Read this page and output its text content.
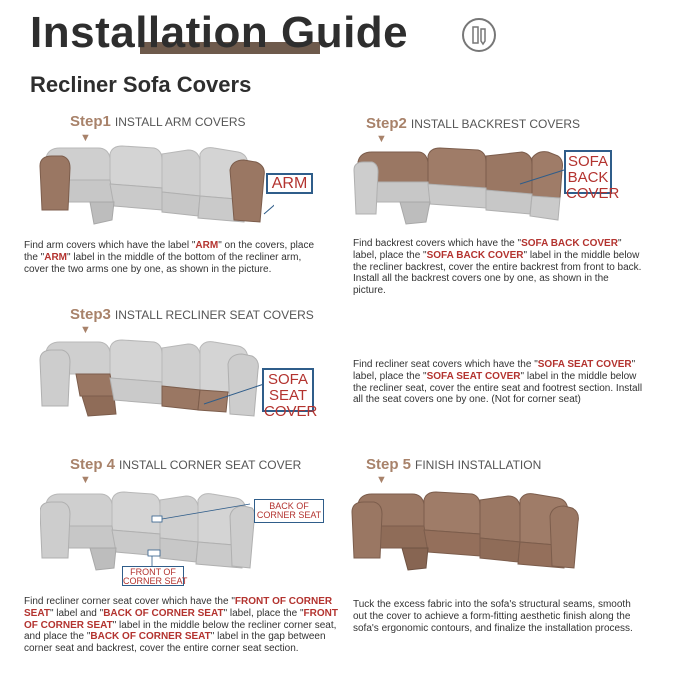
Installation Guide
Recliner Sofa Covers
Step1 INSTALL ARM COVERS
▼
ARM
Find arm covers which have the label "ARM" on the covers, place the "ARM" label in the middle of the bottom of the recliner arm, cover the two arms one by one, as shown in the picture.
Step2 INSTALL BACKREST COVERS
▼
SOFA
BACK
COVER
Find backrest covers which have the "SOFA BACK COVER" label, place the "SOFA BACK COVER" label in the middle below the recliner backrest, cover the entire backrest from front to back. Install all the backrest covers one by one, as shown in the picture.
Step3 INSTALL RECLINER SEAT COVERS
▼
SOFA
SEAT
COVER
Find recliner seat covers which have the "SOFA SEAT COVER" label, place the "SOFA SEAT COVER" label in the middle below the recliner seat, cover the entire seat and footrest section. Install all the seat covers one by one. (Not for corner seat)
Step 4 INSTALL CORNER SEAT COVER
▼
BACK OF
CORNER SEAT
FRONT OF
CORNER SEAT
Find recliner corner seat cover which have the "FRONT OF CORNER SEAT" label and "BACK OF CORNER SEAT" label, place the "FRONT OF CORNER SEAT" label in the middle below the recliner corner seat, and place the "BACK OF CORNER SEAT" label in the gap between corner seat and backrest, cover the entire corner seat section.
Step 5 FINISH INSTALLATION
▼
Tuck the excess fabric into the sofa's structural seams, smooth out the cover to achieve a form-fitting aesthetic finish along the sofa's ergonomic contours, and finalize the installation process.
